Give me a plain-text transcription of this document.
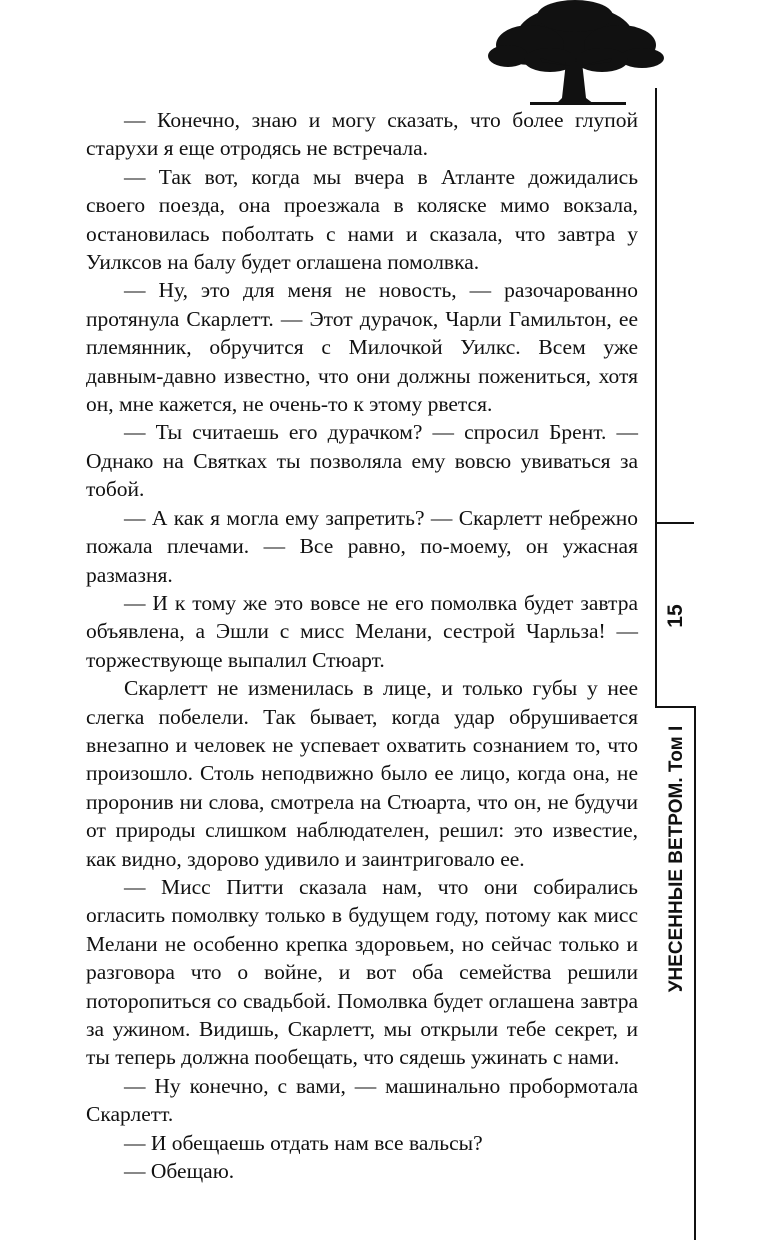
15
УНЕСЕННЫЕ ВЕТРОМ. Том I

— Конечно, знаю и могу сказать, что более глупой старухи я еще отродясь не встречала.

— Так вот, когда мы вчера в Атланте дожидались своего поезда, она проезжала в коляске мимо вокзала, остановилась поболтать с нами и сказала, что завтра у Уилксов на балу будет оглашена помолвка.

— Ну, это для меня не новость, — разочарованно протянула Скарлетт. — Этот дурачок, Чарли Гамильтон, ее племянник, обручится с Милочкой Уилкс. Всем уже давным-давно известно, что они должны пожениться, хотя он, мне кажется, не очень-то к этому рвется.

— Ты считаешь его дурачком? — спросил Брент. — Однако на Святках ты позволяла ему вовсю увиваться за тобой.

— А как я могла ему запретить? — Скарлетт небрежно пожала плечами. — Все равно, по-моему, он ужасная размазня.

— И к тому же это вовсе не его помолвка будет завтра объявлена, а Эшли с мисс Мелани, сестрой Чарльза! — торжествующе выпалил Стюарт.

Скарлетт не изменилась в лице, и только губы у нее слегка побелели. Так бывает, когда удар обрушивается внезапно и человек не успевает охватить сознанием то, что произошло. Столь неподвижно было ее лицо, когда она, не проронив ни слова, смотрела на Стюарта, что он, не будучи от природы слишком наблюдателен, решил: это известие, как видно, здорово удивило и заинтриговало ее.

— Мисс Питти сказала нам, что они собирались огласить помолвку только в будущем году, потому как мисс Мелани не особенно крепка здоровьем, но сейчас только и разговора что о войне, и вот оба семейства решили поторопиться со свадьбой. Помолвка будет оглашена завтра за ужином. Видишь, Скарлетт, мы открыли тебе секрет, и ты теперь должна пообещать, что сядешь ужинать с нами.

— Ну конечно, с вами, — машинально пробормотала Скарлетт.

— И обещаешь отдать нам все вальсы?

— Обещаю.
